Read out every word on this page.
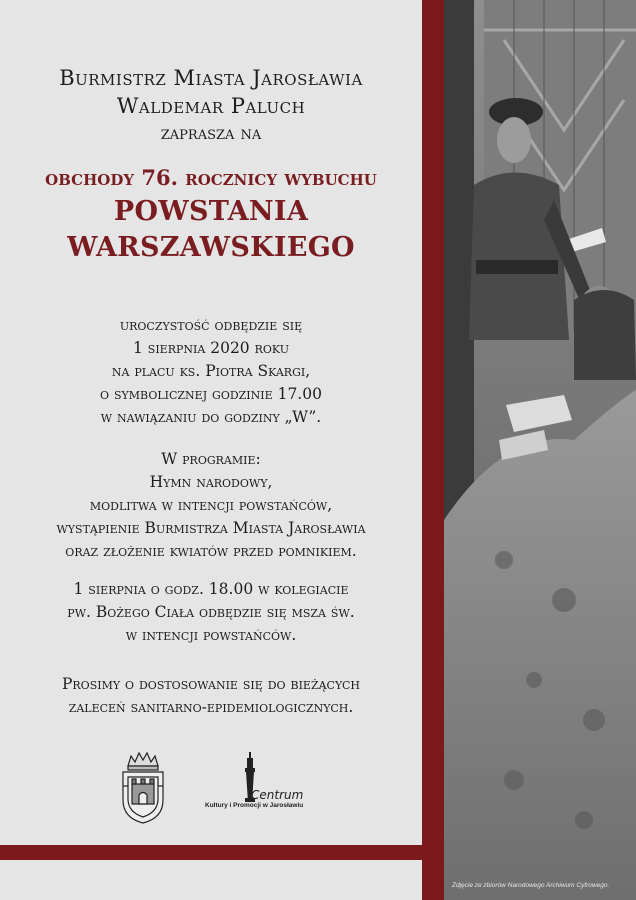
Burmistrz Miasta Jarosławia
Waldemar Paluch
zaprasza na
obchody 76. rocznicy wybuchu
POWSTANIA
WARSZAWSKIEGO
uroczystość odbędzie się
1 sierpnia 2020 roku
na placu ks. Piotra Skargi,
o symbolicznej godzinie 17.00
w nawiązaniu do godziny „W”.
W programie:
Hymn narodowy,
modlitwa w intencji powstańców,
wystąpienie Burmistrza Miasta Jarosławia
oraz złożenie kwiatów przed pomnikiem.
1 sierpnia o godz. 18.00 w kolegiacie
pw. Bożego Ciała odbędzie się msza św.
w intencji powstańców.
Prosimy o dostosowanie się do bieżących
zaleceń sanitarno-epidemiologicznych.
Centrum
Kultury i Promocji w Jarosławiu
Zdjęcie ze zbiorów Narodowego Archiwum Cyfrowego.
